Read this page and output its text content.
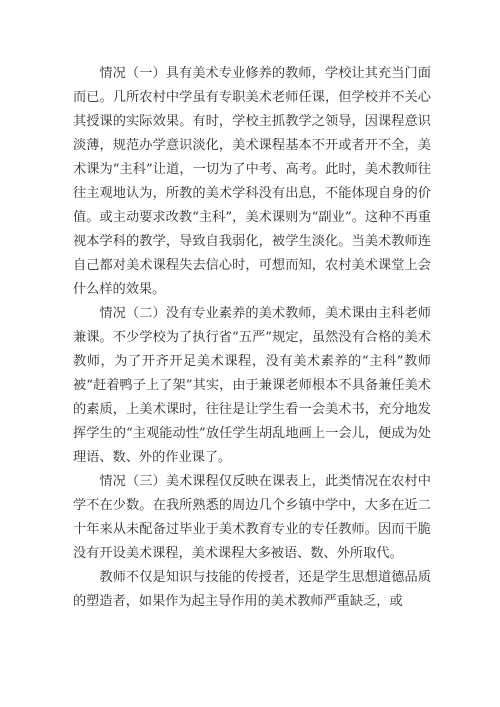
情况（一）具有美术专业修养的教师，学校让其充当门面而已。几所农村中学虽有专职美术老师任课，但学校并不关心其授课的实际效果。有时，学校主抓教学之领导，因课程意识淡薄，规范办学意识淡化，美术课程基本不开或者开不全，美术课为“主科”让道，一切为了中考、高考。此时，美术教师往往主观地认为，所教的美术学科没有出息，不能体现自身的价值。或主动要求改教“主科”，美术课则为“副业”。这种不再重视本学科的教学，导致自我弱化，被学生淡化。当美术教师连自己都对美术课程失去信心时，可想而知，农村美术课堂上会什么样的效果。

情况（二）没有专业素养的美术教师，美术课由主科老师兼课。不少学校为了执行省“五严”规定，虽然没有合格的美术教师，为了开齐开足美术课程，没有美术素养的“主科”教师被“赶着鸭子上了架”其实，由于兼课老师根本不具备兼任美术的素质，上美术课时，往往是让学生看一会美术书，充分地发挥学生的“主观能动性”放任学生胡乱地画上一会儿，便成为处理语、数、外的作业课了。

情况（三）美术课程仅反映在课表上，此类情况在农村中学不在少数。在我所熟悉的周边几个乡镇中学中，大多在近二十年来从未配备过毕业于美术教育专业的专任教师。因而干脆没有开设美术课程，美术课程大多被语、数、外所取代。

教师不仅是知识与技能的传授者，还是学生思想道德品质的塑造者，如果作为起主导作用的美术教师严重缺乏，或
